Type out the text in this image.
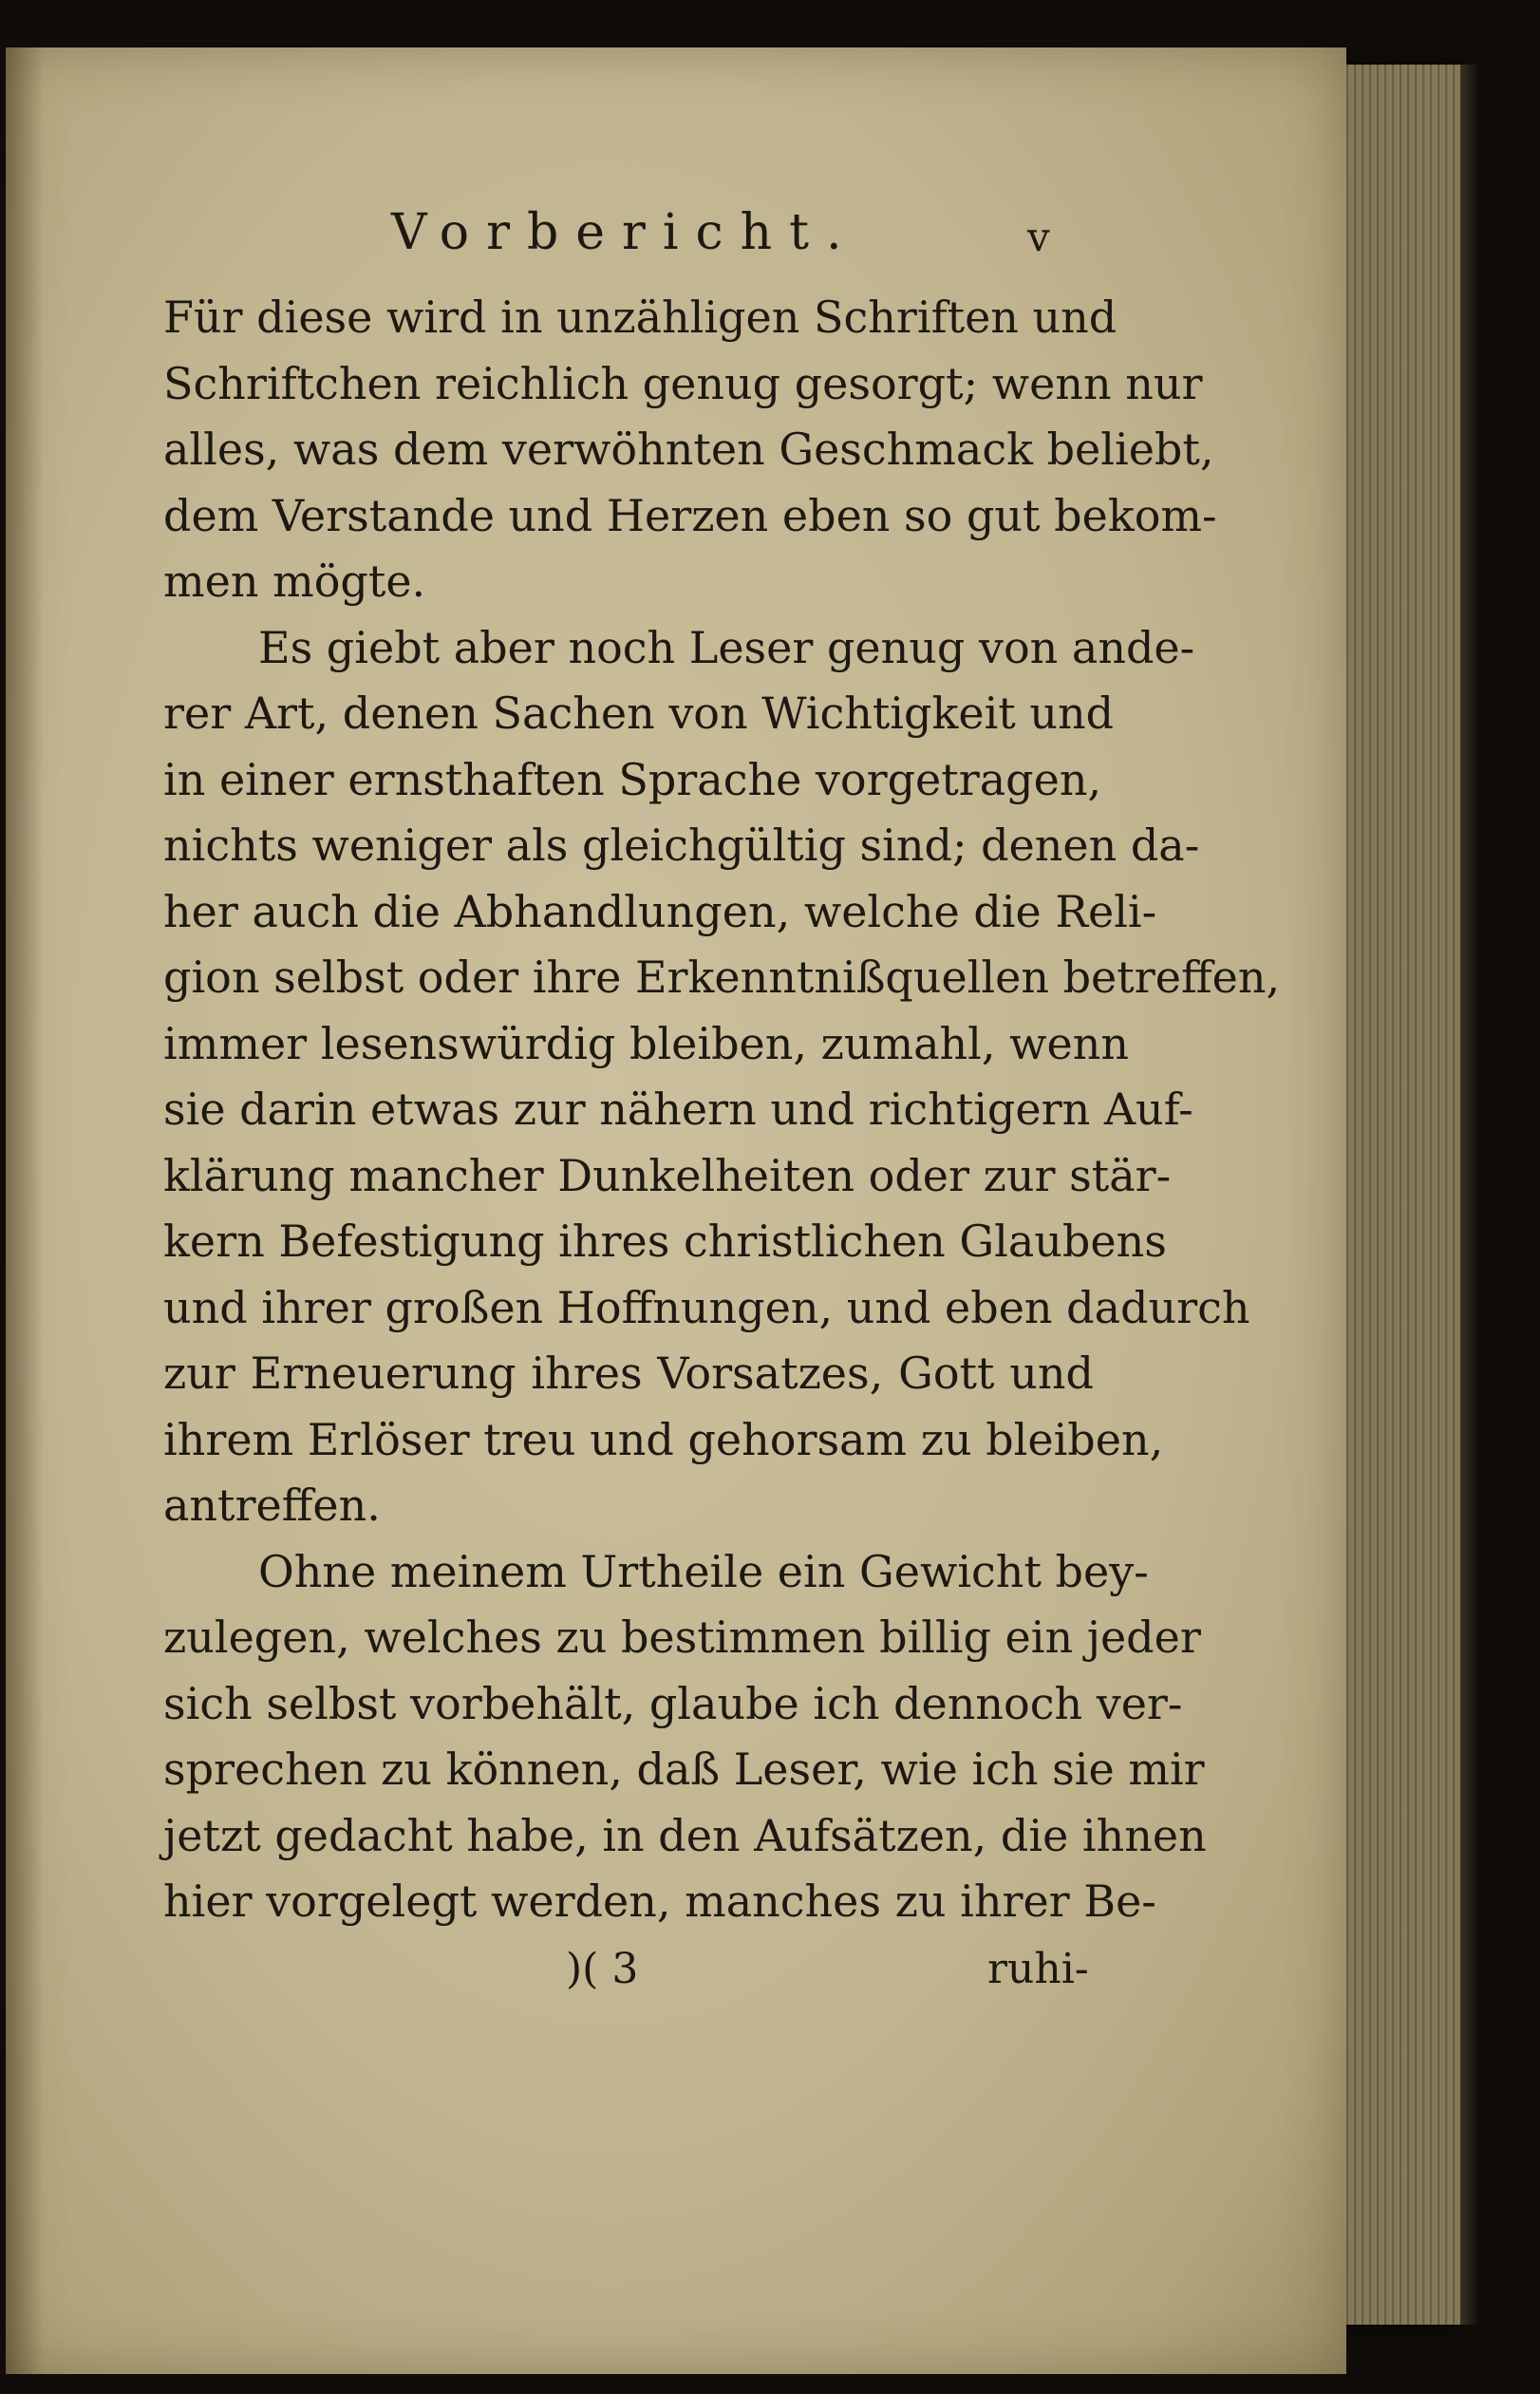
Vorbericht.	v
Für diese wird in unzähligen Schriften und
Schriftchen reichlich genug gesorgt; wenn nur
alles, was dem verwöhnten Geschmack beliebt,
dem Verstande und Herzen eben so gut bekom-
men mögte.
Es giebt aber noch Leser genug von ande-
rer Art, denen Sachen von Wichtigkeit und
in einer ernsthaften Sprache vorgetragen,
nichts weniger als gleichgültig sind; denen da-
her auch die Abhandlungen, welche die Reli-
gion selbst oder ihre Erkenntnißquellen betreffen,
immer lesenswürdig bleiben, zumahl, wenn
sie darin etwas zur nähern und richtigern Auf-
klärung mancher Dunkelheiten oder zur stär-
kern Befestigung ihres christlichen Glaubens
und ihrer großen Hoffnungen, und eben dadurch
zur Erneuerung ihres Vorsatzes, Gott und
ihrem Erlöser treu und gehorsam zu bleiben,
antreffen.
Ohne meinem Urtheile ein Gewicht bey-
zulegen, welches zu bestimmen billig ein jeder
sich selbst vorbehält, glaube ich dennoch ver-
sprechen zu können, daß Leser, wie ich sie mir
jetzt gedacht habe, in den Aufsätzen, die ihnen
hier vorgelegt werden, manches zu ihrer Be-
)( 3	ruhi-
